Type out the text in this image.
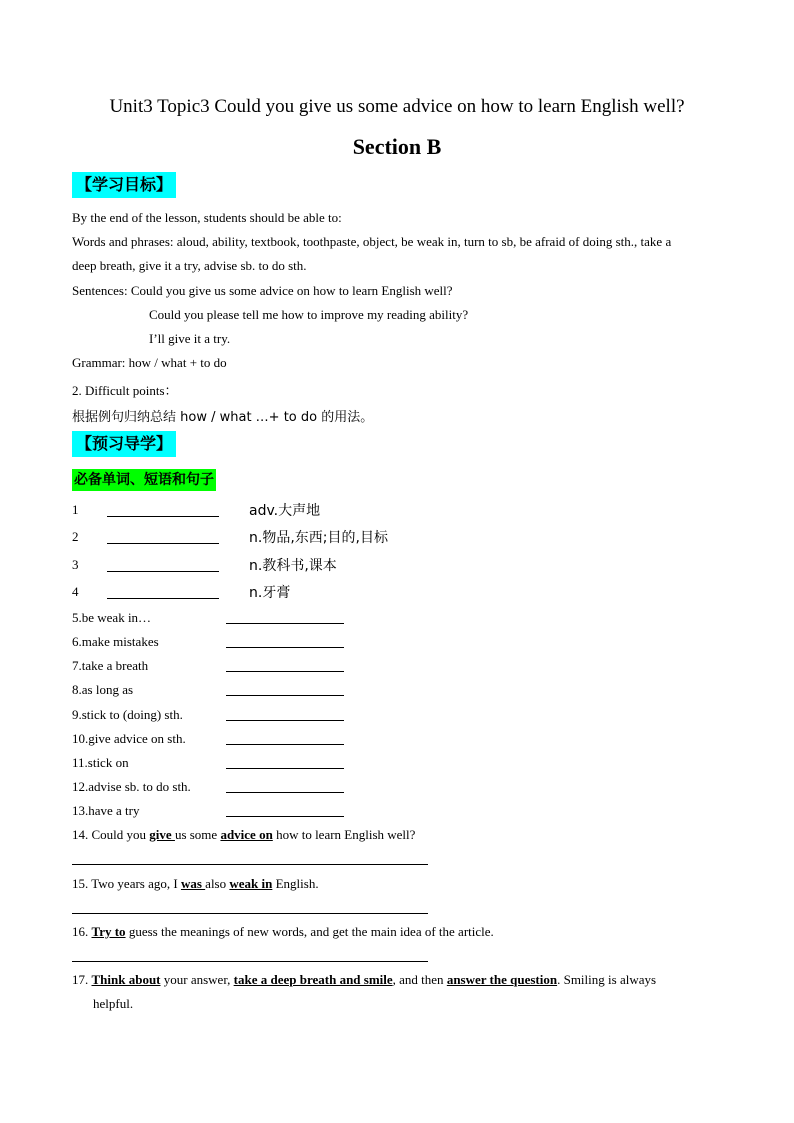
Unit3 Topic3 Could you give us some advice on how to learn English well?
Section B
【学习目标】
By the end of the lesson, students should be able to:
Words and phrases: aloud, ability, textbook, toothpaste, object, be weak in, turn to sb, be afraid of doing sth., take a
deep breath, give it a try, advise sb. to do sth.
Sentences: Could you give us some advice on how to learn English well?
Could you please tell me how to improve my reading ability?
I’ll give it a try.
Grammar: how / what + to do
2. Difficult points：
根据例句归纳总结 how / what …+ to do 的用法。
【预习导学】
必备单词、短语和句子
1	adv.大声地
2	n.物品,东西;目的,目标
3	n.教科书,课本
4	n.牙膏
5.be weak in…
6.make mistakes
7.take a breath
8.as long as
9.stick to (doing) sth.
10.give advice on sth.
11.stick on
12.advise sb. to do sth.
13.have a try
14. Could you give us some advice on how to learn English well?
15. Two years ago, I was also weak in English.
16. Try to guess the meanings of new words, and get the main idea of the article.
17. Think about your answer, take a deep breath and smile, and then answer the question. Smiling is always
helpful.
